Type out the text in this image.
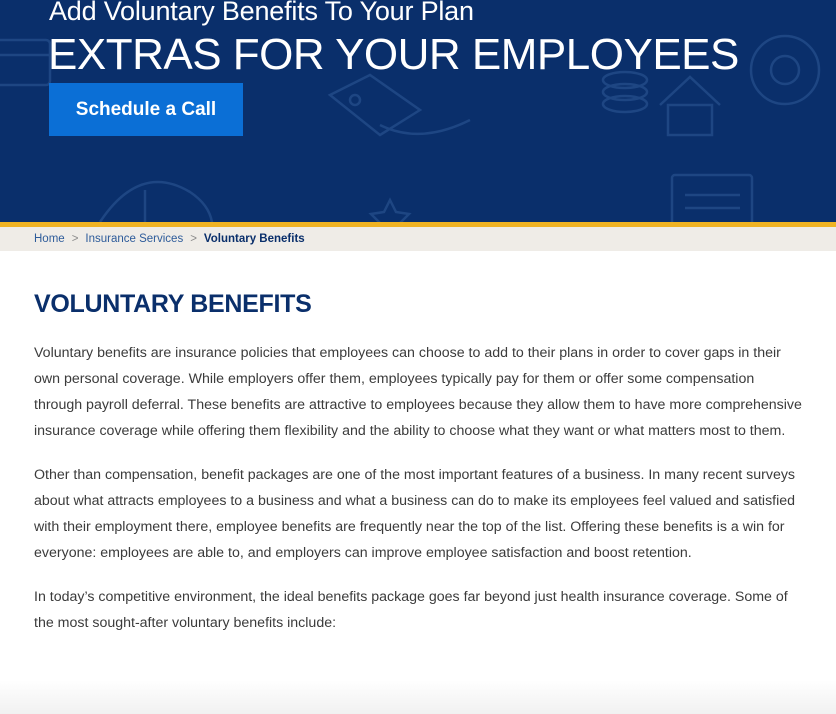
Add Voluntary Benefits To Your Plan
EXTRAS FOR YOUR EMPLOYEES
Schedule a Call
Home > Insurance Services > Voluntary Benefits
VOLUNTARY BENEFITS

Voluntary benefits are insurance policies that employees can choose to add to their plans in order to cover gaps in their own personal coverage. While employers offer them, employees typically pay for them or offer some compensation through payroll deferral. These benefits are attractive to employees because they allow them to have more comprehensive insurance coverage while offering them flexibility and the ability to choose what they want or what matters most to them.

Other than compensation, benefit packages are one of the most important features of a business. In many recent surveys about what attracts employees to a business and what a business can do to make its employees feel valued and satisfied with their employment there, employee benefits are frequently near the top of the list. Offering these benefits is a win for everyone: employees are able to, and employers can improve employee satisfaction and boost retention.

In today’s competitive environment, the ideal benefits package goes far beyond just health insurance coverage. Some of the most sought-after voluntary benefits include:
